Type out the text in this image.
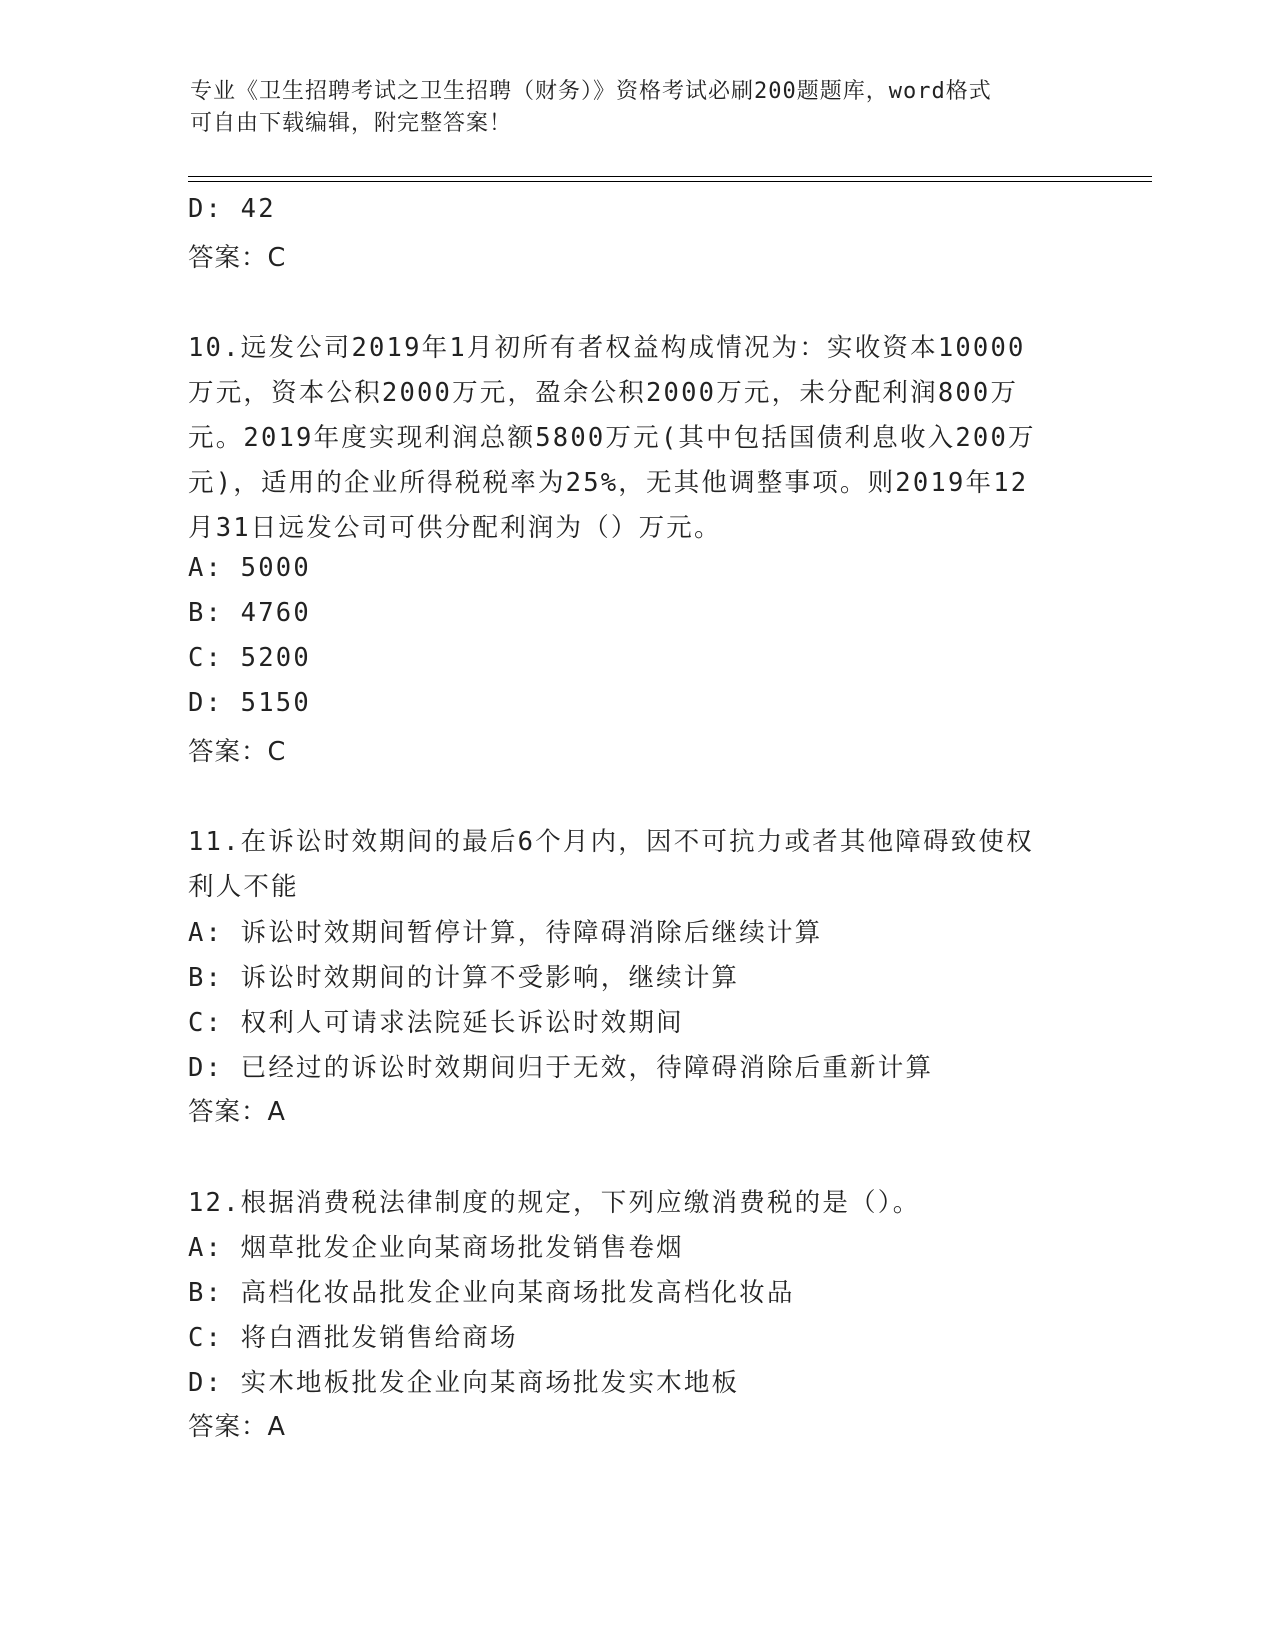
专业《卫生招聘考试之卫生招聘（财务）》资格考试必刷200题题库，word格式
可自由下载编辑，附完整答案！
D: 42
答案：C
10.远发公司2019年1月初所有者权益构成情况为：实收资本10000
万元，资本公积2000万元，盈余公积2000万元，未分配利润800万
元。2019年度实现利润总额5800万元(其中包括国债利息收入200万
元)，适用的企业所得税税率为25%，无其他调整事项。则2019年12
月31日远发公司可供分配利润为（）万元。
A: 5000
B: 4760
C: 5200
D: 5150
答案：C
11.在诉讼时效期间的最后6个月内，因不可抗力或者其他障碍致使权
利人不能
A: 诉讼时效期间暂停计算，待障碍消除后继续计算
B: 诉讼时效期间的计算不受影响，继续计算
C: 权利人可请求法院延长诉讼时效期间
D: 已经过的诉讼时效期间归于无效，待障碍消除后重新计算
答案：A
12.根据消费税法律制度的规定，下列应缴消费税的是（）。
A: 烟草批发企业向某商场批发销售卷烟
B: 高档化妆品批发企业向某商场批发高档化妆品
C: 将白酒批发销售给商场
D: 实木地板批发企业向某商场批发实木地板
答案：A
